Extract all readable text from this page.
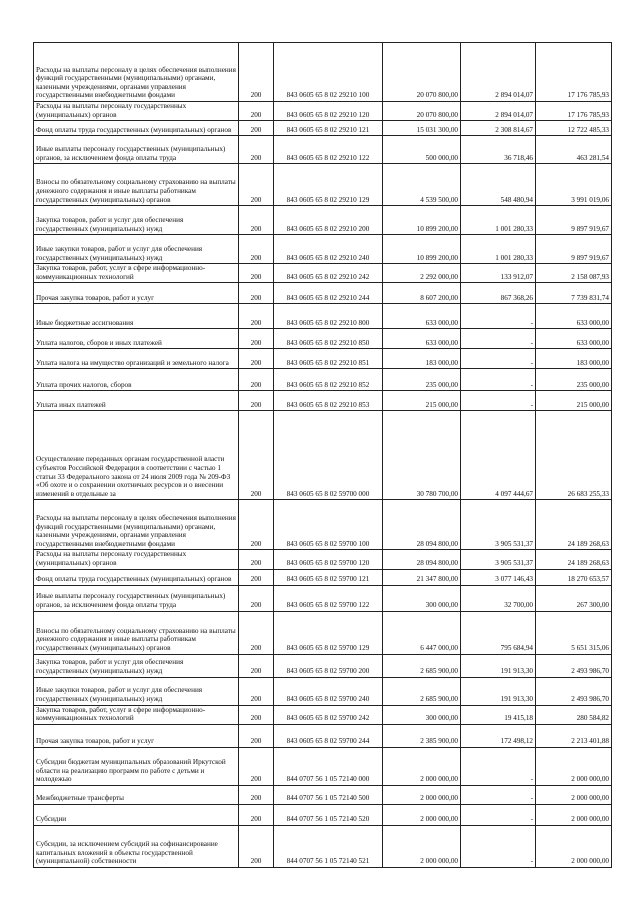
Расходы на выплаты персоналу в целях обеспечения выполнения функций государственными (муниципальными) органами, казенными учреждениями, органами управления государственными внебюджетными фондами	200	843 0605 65 8 02 29210 100	20 070 800,00	2 894 014,07	17 176 785,93
Расходы на выплаты персоналу государственных (муниципальных) органов	200	843 0605 65 8 02 29210 120	20 070 800,00	2 894 014,07	17 176 785,93
Фонд оплаты труда государственных (муниципальных) органов	200	843 0605 65 8 02 29210 121	15 031 300,00	2 308 814,67	12 722 485,33
Иные выплаты персоналу государственных (муниципальных) органов, за исключением фонда оплаты труда	200	843 0605 65 8 02 29210 122	500 000,00	36 718,46	463 281,54
Взносы по обязательному социальному страхованию на выплаты денежного содержания и иные выплаты работникам государственных (муниципальных) органов	200	843 0605 65 8 02 29210 129	4 539 500,00	548 480,94	3 991 019,06
Закупка товаров, работ и услуг для обеспечения государственных (муниципальных) нужд	200	843 0605 65 8 02 29210 200	10 899 200,00	1 001 280,33	9 897 919,67
Иные закупки товаров, работ и услуг для обеспечения государственных (муниципальных) нужд	200	843 0605 65 8 02 29210 240	10 899 200,00	1 001 280,33	9 897 919,67
Закупка товаров, работ, услуг в сфере информационно-коммуникационных технологий	200	843 0605 65 8 02 29210 242	2 292 000,00	133 912,07	2 158 087,93
Прочая закупка товаров, работ и услуг	200	843 0605 65 8 02 29210 244	8 607 200,00	867 368,26	7 739 831,74
Иные бюджетные ассигнования	200	843 0605 65 8 02 29210 800	633 000,00	-	633 000,00
Уплата налогов, сборов и иных платежей	200	843 0605 65 8 02 29210 850	633 000,00	-	633 000,00
Уплата налога на имущество организаций и земельного налога	200	843 0605 65 8 02 29210 851	183 000,00	-	183 000,00
Уплата прочих налогов, сборов	200	843 0605 65 8 02 29210 852	235 000,00	-	235 000,00
Уплата иных платежей	200	843 0605 65 8 02 29210 853	215 000,00	-	215 000,00
Осуществление переданных органам государственной власти субъектов Российской Федерации в соответствии с частью 1 статьи 33 Федерального закона от 24 июля 2009 года № 209-ФЗ «Об охоте и о сохранении охотничьих ресурсов и о внесении изменений в отдельные за	200	843 0605 65 8 02 59700 000	30 780 700,00	4 097 444,67	26 683 255,33
Расходы на выплаты персоналу в целях обеспечения выполнения функций государственными (муниципальными) органами, казенными учреждениями, органами управления государственными внебюджетными фондами	200	843 0605 65 8 02 59700 100	28 094 800,00	3 905 531,37	24 189 268,63
Расходы на выплаты персоналу государственных (муниципальных) органов	200	843 0605 65 8 02 59700 120	28 094 800,00	3 905 531,37	24 189 268,63
Фонд оплаты труда государственных (муниципальных) органов	200	843 0605 65 8 02 59700 121	21 347 800,00	3 077 146,43	18 270 653,57
Иные выплаты персоналу государственных (муниципальных) органов, за исключением фонда оплаты труда	200	843 0605 65 8 02 59700 122	300 000,00	32 700,00	267 300,00
Взносы по обязательному социальному страхованию на выплаты денежного содержания и иные выплаты работникам государственных (муниципальных) органов	200	843 0605 65 8 02 59700 129	6 447 000,00	795 684,94	5 651 315,06
Закупка товаров, работ и услуг для обеспечения государственных (муниципальных) нужд	200	843 0605 65 8 02 59700 200	2 685 900,00	191 913,30	2 493 986,70
Иные закупки товаров, работ и услуг для обеспечения государственных (муниципальных) нужд	200	843 0605 65 8 02 59700 240	2 685 900,00	191 913,30	2 493 986,70
Закупка товаров, работ, услуг в сфере информационно-коммуникационных технологий	200	843 0605 65 8 02 59700 242	300 000,00	19 415,18	280 584,82
Прочая закупка товаров, работ и услуг	200	843 0605 65 8 02 59700 244	2 385 900,00	172 498,12	2 213 401,88
Субсидии бюджетам муниципальных образований Иркутской области на реализацию программ по работе с детьми и молодежью	200	844 0707 56 1 05 72140 000	2 000 000,00	-	2 000 000,00
Межбюджетные трансферты	200	844 0707 56 1 05 72140 500	2 000 000,00	-	2 000 000,00
Субсидии	200	844 0707 56 1 05 72140 520	2 000 000,00	-	2 000 000,00
Субсидии, за исключением субсидий на софинансирование капитальных вложений в объекты государственной (муниципальной) собственности	200	844 0707 56 1 05 72140 521	2 000 000,00	-	2 000 000,00
